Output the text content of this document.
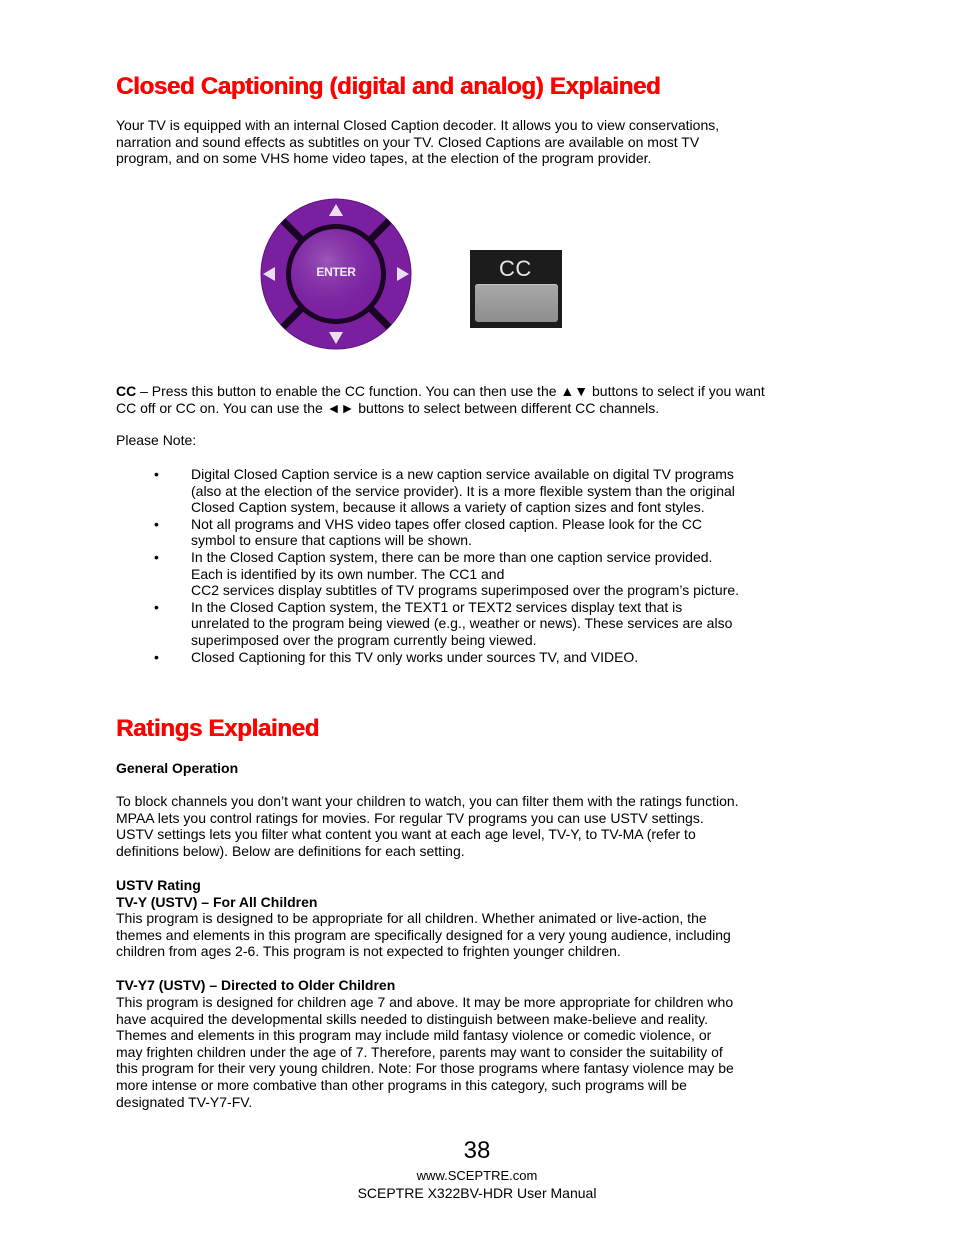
Closed Captioning (digital and analog) Explained
Your TV is equipped with an internal Closed Caption decoder. It allows you to view conservations, narration and sound effects as subtitles on your TV. Closed Captions are available on most TV program, and on some VHS home video tapes, at the election of the program provider.
ENTER	CC
CC – Press this button to enable the CC function. You can then use the ▲▼ buttons to select if you want CC off or CC on. You can use the ◄► buttons to select between different CC channels.
Please Note:
• Digital Closed Caption service is a new caption service available on digital TV programs
(also at the election of the service provider). It is a more flexible system than the original
Closed Caption system, because it allows a variety of caption sizes and font styles.
• Not all programs and VHS video tapes offer closed caption. Please look for the CC
symbol to ensure that captions will be shown.
• In the Closed Caption system, there can be more than one caption service provided.
Each is identified by its own number. The CC1 and
CC2 services display subtitles of TV programs superimposed over the program’s picture.
• In the Closed Caption system, the TEXT1 or TEXT2 services display text that is
unrelated to the program being viewed (e.g., weather or news). These services are also
superimposed over the program currently being viewed.
• Closed Captioning for this TV only works under sources TV, and VIDEO.
Ratings Explained
General Operation
To block channels you don’t want your children to watch, you can filter them with the ratings function.
MPAA lets you control ratings for movies. For regular TV programs you can use USTV settings.
USTV settings lets you filter what content you want at each age level, TV-Y, to TV-MA (refer to
definitions below). Below are definitions for each setting.
USTV Rating
TV-Y (USTV) – For All Children
This program is designed to be appropriate for all children. Whether animated or live-action, the
themes and elements in this program are specifically designed for a very young audience, including
children from ages 2-6. This program is not expected to frighten younger children.
TV-Y7 (USTV) – Directed to Older Children
This program is designed for children age 7 and above. It may be more appropriate for children who
have acquired the developmental skills needed to distinguish between make-believe and reality.
Themes and elements in this program may include mild fantasy violence or comedic violence, or
may frighten children under the age of 7. Therefore, parents may want to consider the suitability of
this program for their very young children. Note: For those programs where fantasy violence may be
more intense or more combative than other programs in this category, such programs will be
designated TV-Y7-FV.
38
www.SCEPTRE.com
SCEPTRE X322BV-HDR User Manual
